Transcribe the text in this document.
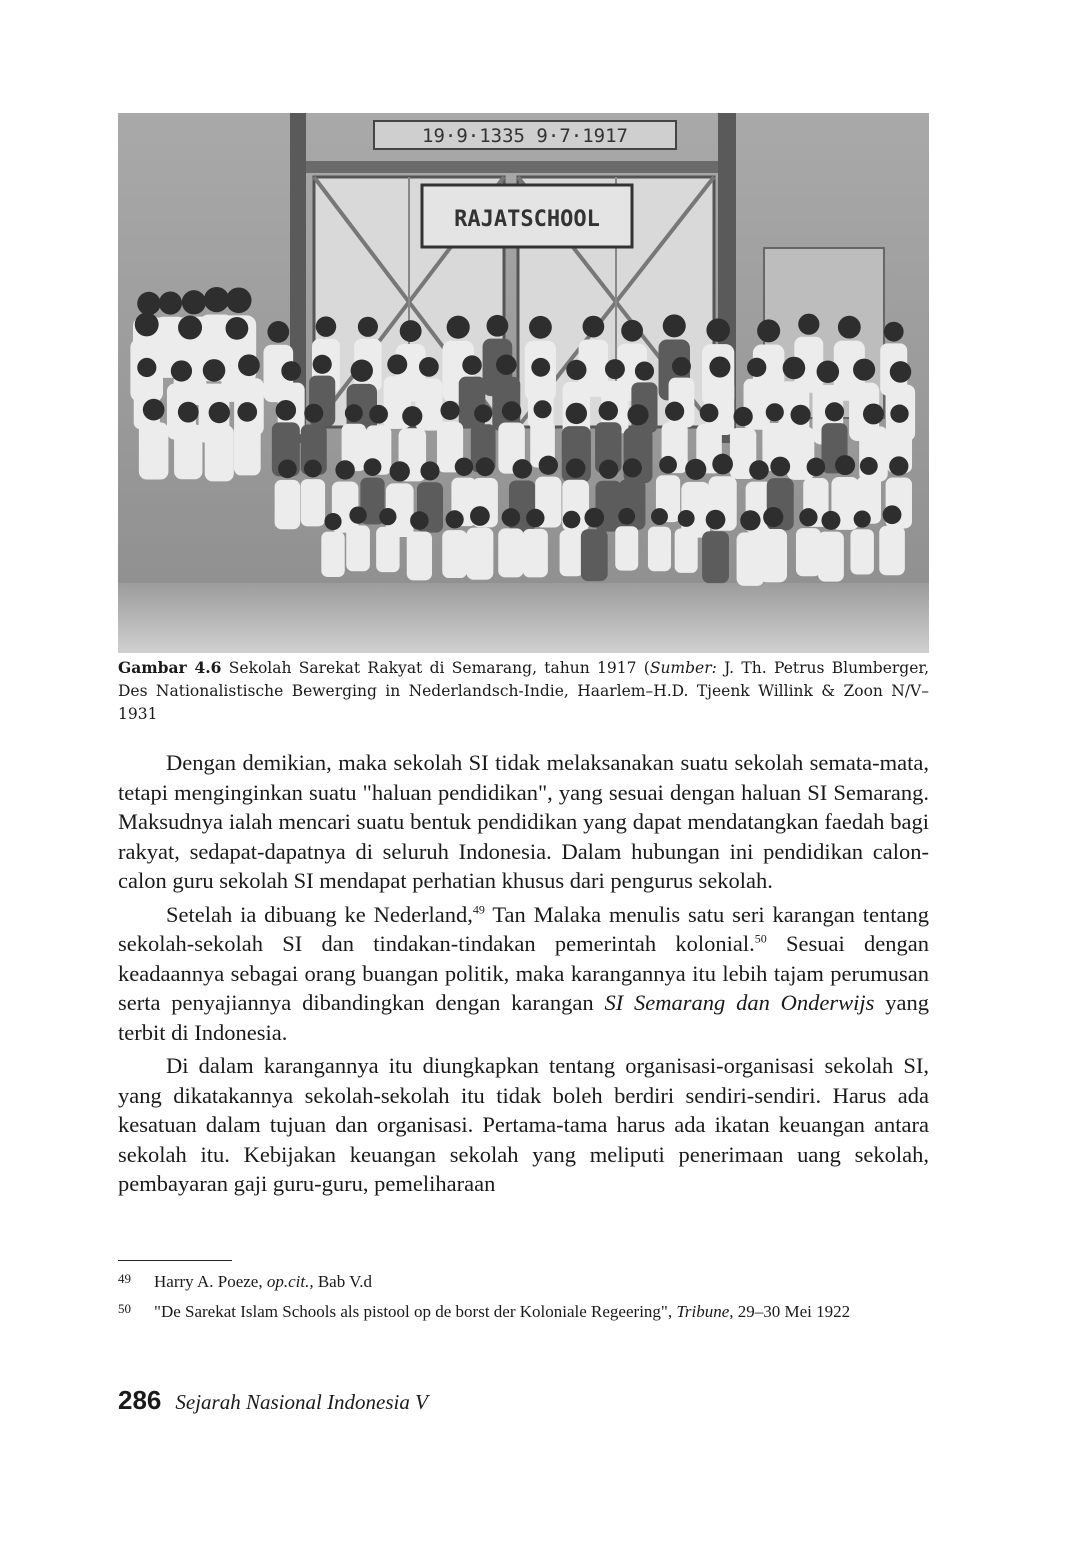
19·9·1335 9·7·1917
RAJATSCHOOL

Gambar 4.6 Sekolah Sarekat Rakyat di Semarang, tahun 1917 (Sumber: J. Th. Petrus Blumberger, Des Nationalistische Bewerging in Nederlandsch-Indie, Haarlem–H.D. Tjeenk Willink & Zoon N/V–1931

Dengan demikian, maka sekolah SI tidak melaksanakan suatu sekolah semata-mata, tetapi menginginkan suatu "haluan pendidikan", yang sesuai dengan haluan SI Semarang. Maksudnya ialah mencari suatu bentuk pendidikan yang dapat mendatangkan faedah bagi rakyat, sedapat-dapatnya di seluruh Indonesia. Dalam hubungan ini pendidikan calon-calon guru sekolah SI mendapat perhatian khusus dari pengurus sekolah.

Setelah ia dibuang ke Nederland,$^{49}$ Tan Malaka menulis satu seri karangan tentang sekolah-sekolah SI dan tindakan-tindakan pemerintah kolonial.$^{50}$ Sesuai dengan keadaannya sebagai orang buangan politik, maka karangannya itu lebih tajam perumusan serta penyajiannya dibandingkan dengan karangan SI Semarang dan Onderwijs yang terbit di Indonesia.

Di dalam karangannya itu diungkapkan tentang organisasi-organisasi sekolah SI, yang dikatakannya sekolah-sekolah itu tidak boleh berdiri sendiri-sendiri. Harus ada kesatuan dalam tujuan dan organisasi. Pertama-tama harus ada ikatan keuangan antara sekolah itu. Kebijakan keuangan sekolah yang meliputi penerimaan uang sekolah, pembayaran gaji guru-guru, pemeliharaan

49 Harry A. Poeze, op.cit., Bab V.d
50 "De Sarekat Islam Schools als pistool op de borst der Koloniale Regeering", Tribune, 29–30 Mei 1922
286 Sejarah Nasional Indonesia V
